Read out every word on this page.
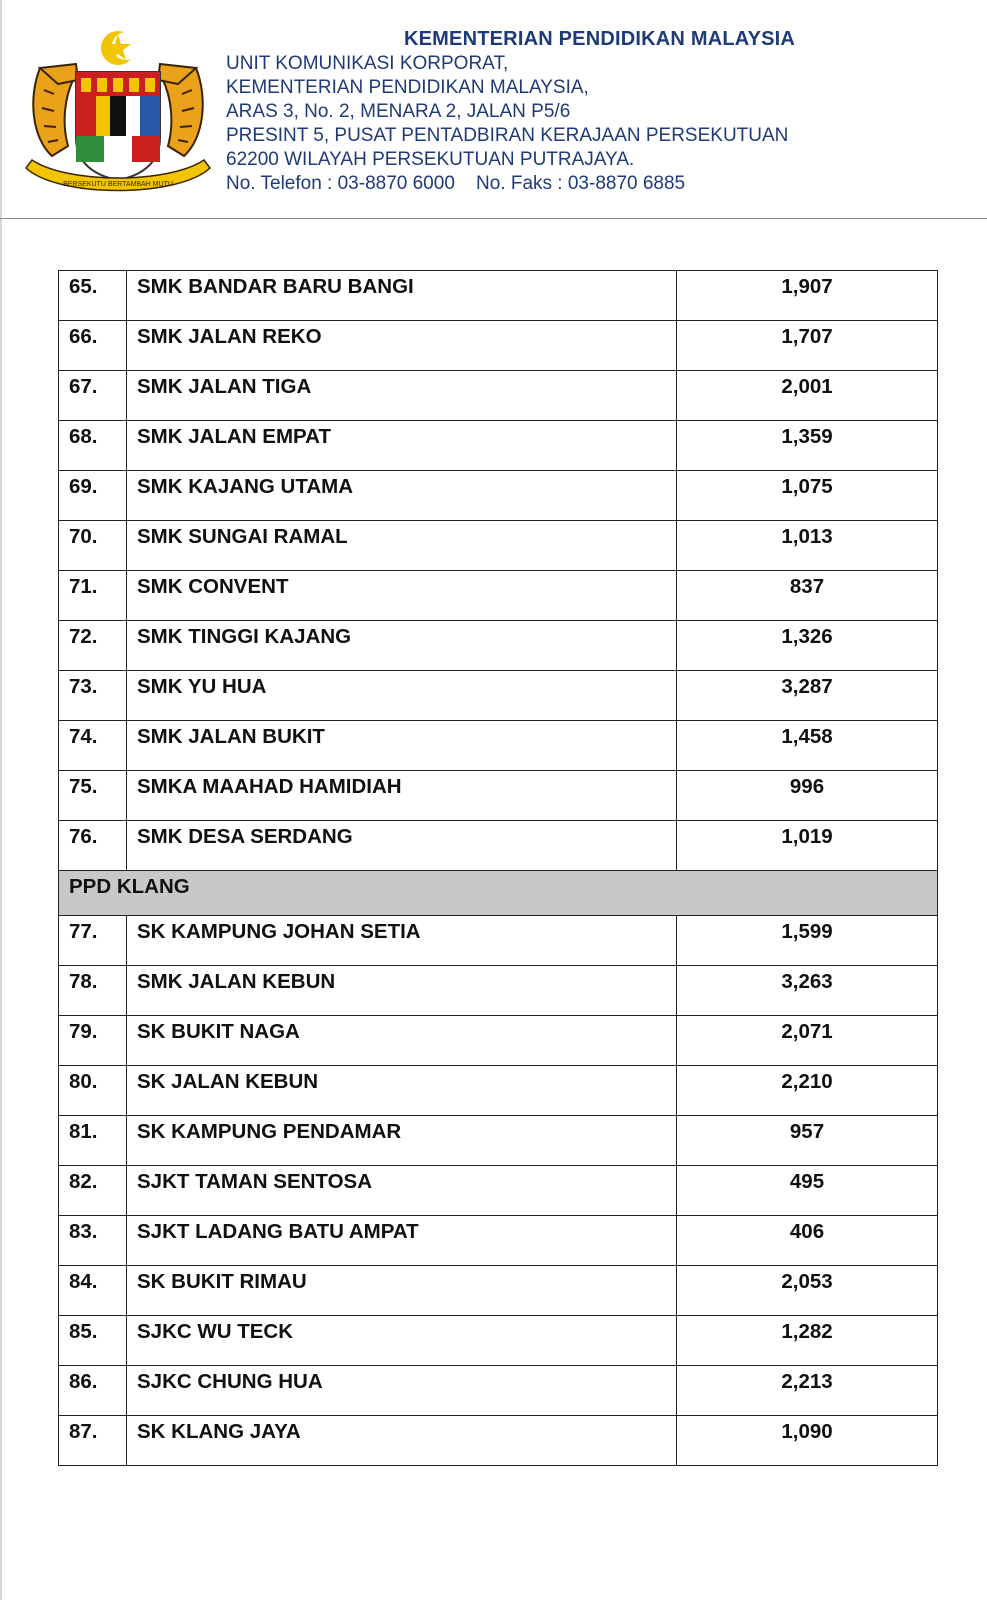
BERSEKUTU BERTAMBAH MUTU
KEMENTERIAN PENDIDIKAN MALAYSIA
UNIT KOMUNIKASI KORPORAT,
KEMENTERIAN PENDIDIKAN MALAYSIA,
ARAS 3, No. 2, MENARA 2, JALAN P5/6
PRESINT 5, PUSAT PENTADBIRAN KERAJAAN PERSEKUTUAN
62200 WILAYAH PERSEKUTUAN PUTRAJAYA.
No. Telefon : 03-8870 6000    No. Faks : 03-8870 6885
65.	SMK BANDAR BARU BANGI	1,907
66.	SMK JALAN REKO	1,707
67.	SMK JALAN TIGA	2,001
68.	SMK JALAN EMPAT	1,359
69.	SMK KAJANG UTAMA	1,075
70.	SMK SUNGAI RAMAL	1,013
71.	SMK CONVENT	837
72.	SMK TINGGI KAJANG	1,326
73.	SMK YU HUA	3,287
74.	SMK JALAN BUKIT	1,458
75.	SMKA MAAHAD HAMIDIAH	996
76.	SMK DESA SERDANG	1,019
PPD KLANG		
77.	SK KAMPUNG JOHAN SETIA	1,599
78.	SMK JALAN KEBUN	3,263
79.	SK BUKIT NAGA	2,071
80.	SK JALAN KEBUN	2,210
81.	SK KAMPUNG PENDAMAR	957
82.	SJKT TAMAN SENTOSA	495
83.	SJKT LADANG BATU AMPAT	406
84.	SK BUKIT RIMAU	2,053
85.	SJKC WU TECK	1,282
86.	SJKC CHUNG HUA	2,213
87.	SK KLANG JAYA	1,090
